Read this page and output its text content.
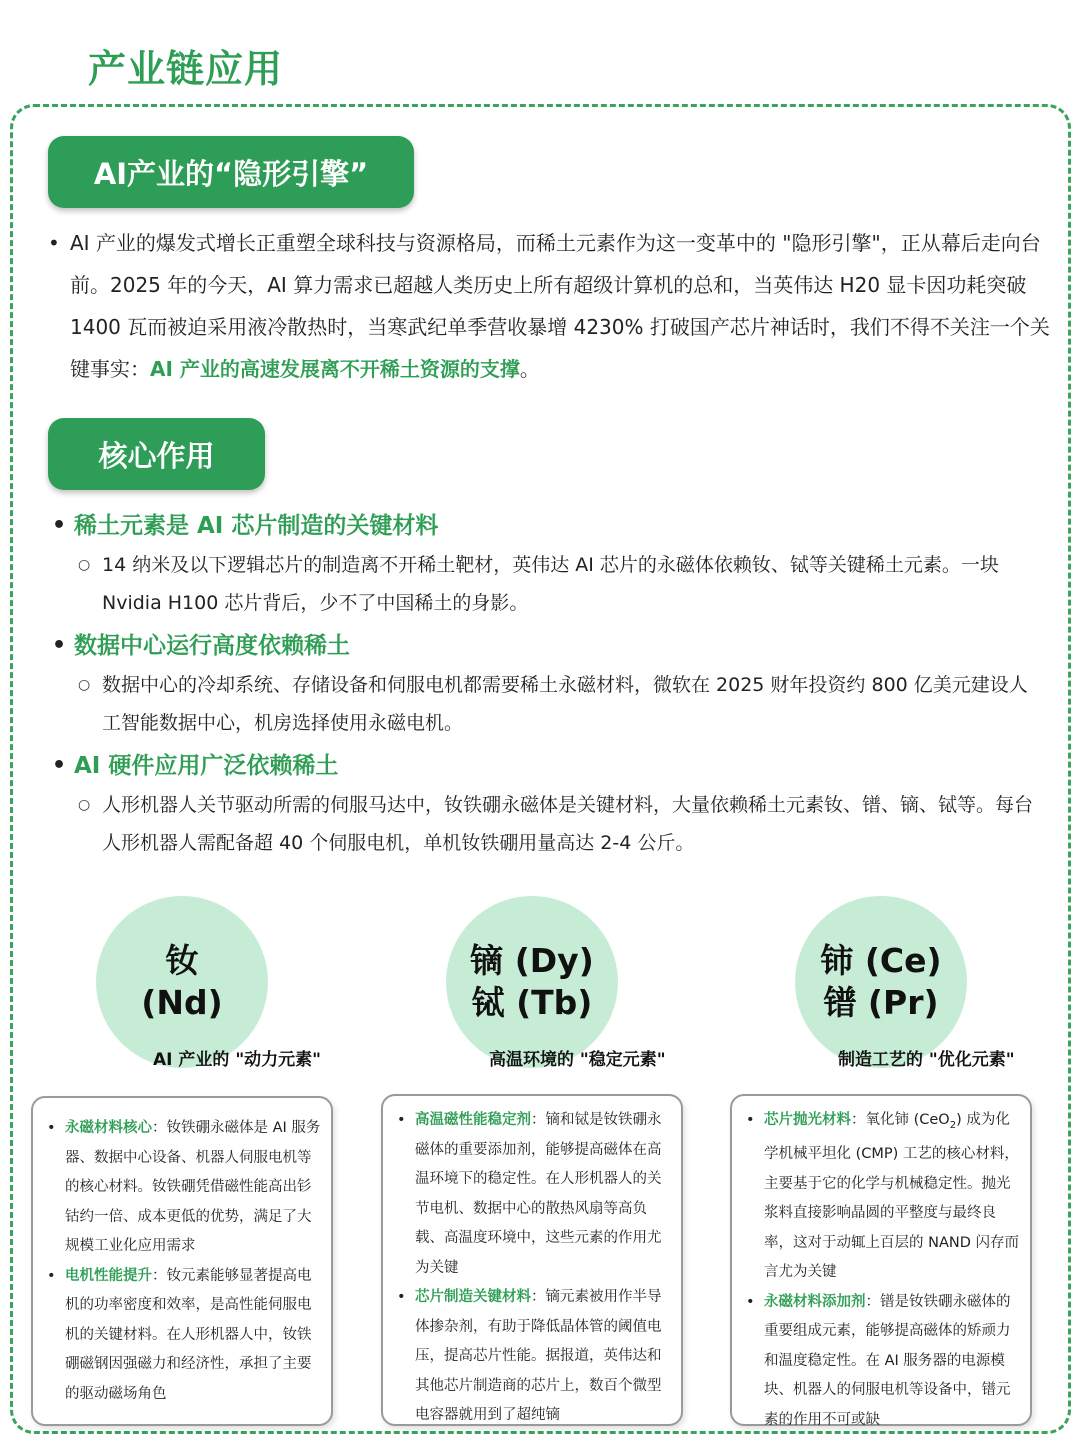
产业链应用
AI产业的“隐形引擎”
• AI 产业的爆发式增长正重塑全球科技与资源格局，而稀土元素作为这一变革中的 "隐形引擎"，正从幕后走向台前。2025 年的今天，AI 算力需求已超越人类历史上所有超级计算机的总和，当英伟达 H20 显卡因功耗突破 1400 瓦而被迫采用液冷散热时，当寒武纪单季营收暴增 4230% 打破国产芯片神话时，我们不得不关注一个关键事实：AI 产业的高速发展离不开稀土资源的支撑。
核心作用
• 稀土元素是 AI 芯片制造的关键材料
○ 14 纳米及以下逻辑芯片的制造离不开稀土靶材，英伟达 AI 芯片的永磁体依赖钕、铽等关键稀土元素。一块 Nvidia H100 芯片背后，少不了中国稀土的身影。
• 数据中心运行高度依赖稀土
○ 数据中心的冷却系统、存储设备和伺服电机都需要稀土永磁材料，微软在 2025 财年投资约 800 亿美元建设人工智能数据中心，机房选择使用永磁电机。
• AI 硬件应用广泛依赖稀土
○ 人形机器人关节驱动所需的伺服马达中，钕铁硼永磁体是关键材料，大量依赖稀土元素钕、镨、镝、铽等。每台人形机器人需配备超 40 个伺服电机，单机钕铁硼用量高达 2-4 公斤。
钕
(Nd)
AI 产业的 "动力元素"
镝 (Dy)
铽 (Tb)
高温环境的 "稳定元素"
铈 (Ce)
镨 (Pr)
制造工艺的 "优化元素"
• 永磁材料核心：钕铁硼永磁体是 AI 服务器、数据中心设备、机器人伺服电机等的核心材料。钕铁硼凭借磁性能高出钐钴约一倍、成本更低的优势，满足了大规模工业化应用需求
• 电机性能提升：钕元素能够显著提高电机的功率密度和效率，是高性能伺服电机的关键材料。在人形机器人中，钕铁硼磁钢因强磁力和经济性，承担了主要的驱动磁场角色
• 高温磁性能稳定剂：镝和铽是钕铁硼永磁体的重要添加剂，能够提高磁体在高温环境下的稳定性。在人形机器人的关节电机、数据中心的散热风扇等高负载、高温度环境中，这些元素的作用尤为关键
• 芯片制造关键材料：镝元素被用作半导体掺杂剂，有助于降低晶体管的阈值电压，提高芯片性能。据报道，英伟达和其他芯片制造商的芯片上，数百个微型电容器就用到了超纯镝
• 芯片抛光材料：氧化铈 (CeO$_2$) 成为化学机械平坦化 (CMP) 工艺的核心材料，主要基于它的化学与机械稳定性。抛光浆料直接影响晶圆的平整度与最终良率，这对于动辄上百层的 NAND 闪存而言尤为关键
• 永磁材料添加剂：镨是钕铁硼永磁体的重要组成元素，能够提高磁体的矫顽力和温度稳定性。在 AI 服务器的电源模块、机器人的伺服电机等设备中，镨元素的作用不可或缺
